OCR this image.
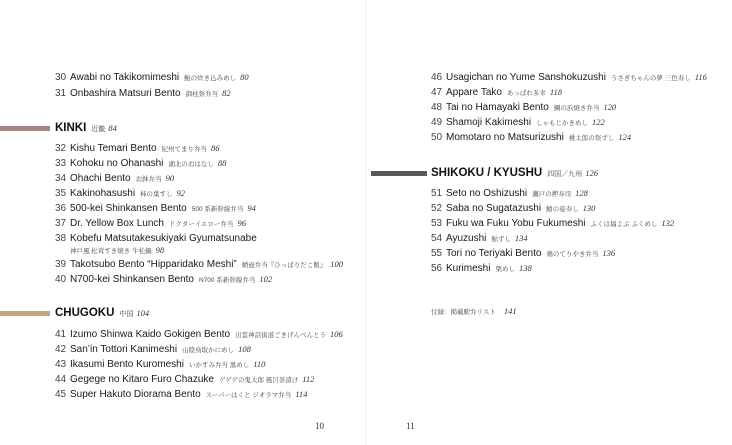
30 Awabi no Takikomimeshi 鮑の炊き込みめし 80
31 Onbashira Matsuri Bento 御柱祭弁当 82
KINKI 近畿 84
32 Kishu Temari Bento 紀州てまり弁当 86
33 Kohoku no Ohanashi 湖北のおはなし 88
34 Ohachi Bento お鉢弁当 90
35 Kakinohasushi 柿の葉すし 92
36 500-kei Shinkansen Bento 500 系新幹線弁当 94
37 Dr. Yellow Box Lunch ドクターイエロー弁当 96
38 Kobefu Matsutakesukiyaki Gyumatsunabe
神戸風 松茸すき焼き 牛松鍋 98
39 Takotsubo Bento “Hipparidako Meshi” 蛸壺弁当『ひっぱりだこ飯』 100
40 N700-kei Shinkansen Bento N700 系新幹線弁当 102
CHUGOKU 中国 104
41 Izumo Shinwa Kaido Gokigen Bento 出雲神話街道ごきげんべんとう 106
42 San’in Tottori Kanimeshi 山陰鳥取かにめし 108
43 Ikasumi Bento Kuromeshi いかすみ弁当 黒めし 110
44 Gegege no Kitaro Furo Chazuke ゲゲゲの鬼太郎 風呂茶漬け 112
45 Super Hakuto Diorama Bento スーパーはくと ジオラマ弁当 114
10
46 Usagichan no Yume Sanshokuzushi うさぎちゃんの夢 三色寿し 116
47 Appare Tako あっぱれ多幸 118
48 Tai no Hamayaki Bento 鯛の浜焼き弁当 120
49 Shamoji Kakimeshi しゃもじかきめし 122
50 Momotaro no Matsurizushi 桃太郎の祭ずし 124
SHIKOKU / KYUSHU 四国／九州 126
51 Seto no Oshizushi 瀬戸の押寿司 128
52 Saba no Sugatazushi 鯖の姿寿し 130
53 Fuku wa Fuku Yobu Fukumeshi ふくは福よぶ ふくめし 132
54 Ayuzushi 鮎ずし 134
55 Tori no Teriyaki Bento 鶏のてりやき弁当 136
56 Kurimeshi 栗めし 138
付録：掲載駅弁リスト 141
11
